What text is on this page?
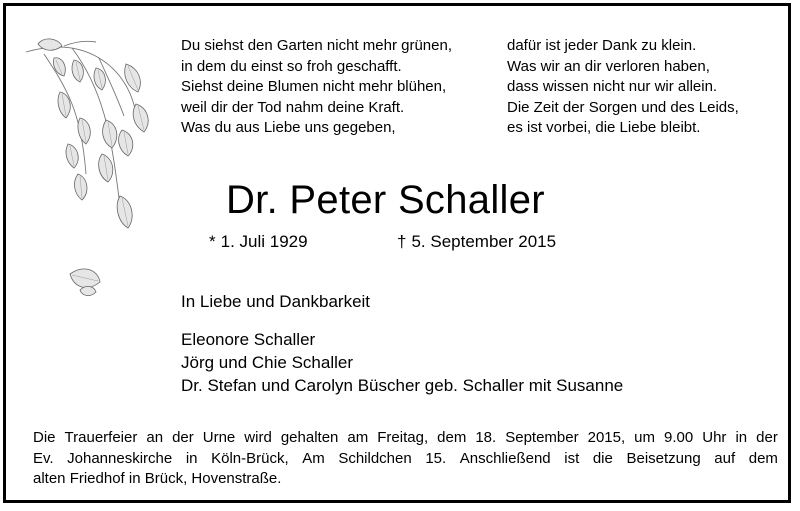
Du siehst den Garten nicht mehr grünen,
in dem du einst so froh geschafft.
Siehst deine Blumen nicht mehr blühen,
weil dir der Tod nahm deine Kraft.
Was du aus Liebe uns gegeben,
dafür ist jeder Dank zu klein.
Was wir an dir verloren haben,
dass wissen nicht nur wir allein.
Die Zeit der Sorgen und des Leids,
es ist vorbei, die Liebe bleibt.
Dr. Peter Schaller
* 1. Juli 1929	† 5. September 2015
In Liebe und Dankbarkeit
Eleonore Schaller
Jörg und Chie Schaller
Dr. Stefan und Carolyn Büscher geb. Schaller mit Susanne
Die Trauerfeier an der Urne wird gehalten am Freitag, dem 18. September 2015, um 9.00 Uhr in der
Ev. Johanneskirche in Köln-Brück, Am Schildchen 15. Anschließend ist die Beisetzung auf dem
alten Friedhof in Brück, Hovenstraße.
